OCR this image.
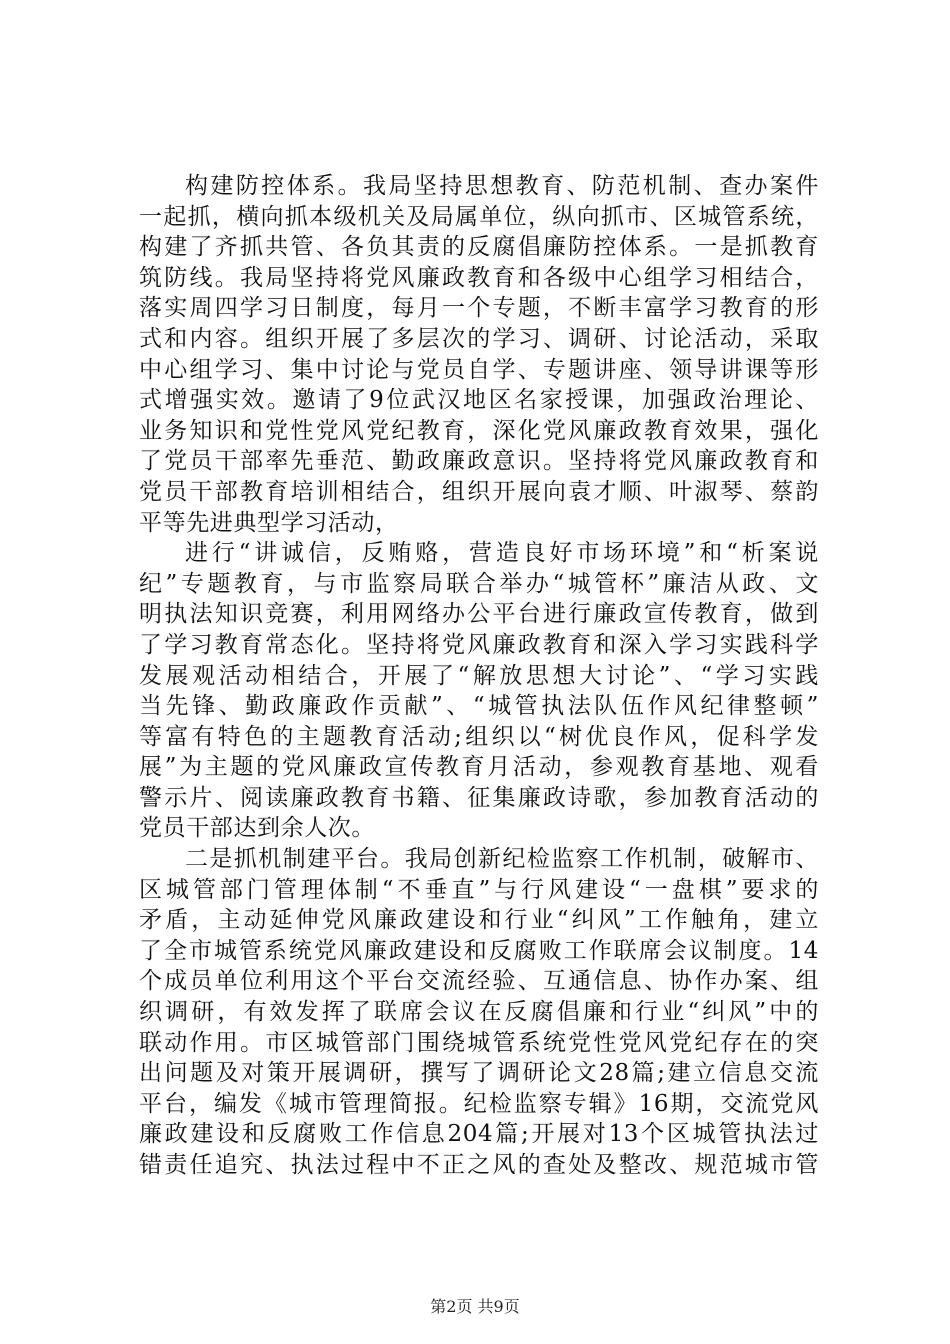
构建防控体系。我局坚持思想教育、防范机制、查办案件
一起抓，横向抓本级机关及局属单位，纵向抓市、区城管系统，
构建了齐抓共管、各负其责的反腐倡廉防控体系。一是抓教育
筑防线。我局坚持将党风廉政教育和各级中心组学习相结合，
落实周四学习日制度，每月一个专题，不断丰富学习教育的形
式和内容。组织开展了多层次的学习、调研、讨论活动，采取
中心组学习、集中讨论与党员自学、专题讲座、领导讲课等形
式增强实效。邀请了9位武汉地区名家授课，加强政治理论、
业务知识和党性党风党纪教育，深化党风廉政教育效果，强化
了党员干部率先垂范、勤政廉政意识。坚持将党风廉政教育和
党员干部教育培训相结合，组织开展向袁才顺、叶淑琴、蔡韵
平等先进典型学习活动，
进行“讲诚信，反贿赂，营造良好市场环境”和“析案说
纪”专题教育，与市监察局联合举办“城管杯”廉洁从政、文
明执法知识竞赛，利用网络办公平台进行廉政宣传教育，做到
了学习教育常态化。坚持将党风廉政教育和深入学习实践科学
发展观活动相结合，开展了“解放思想大讨论”、“学习实践
当先锋、勤政廉政作贡献”、“城管执法队伍作风纪律整顿”
等富有特色的主题教育活动;组织以“树优良作风，促科学发
展”为主题的党风廉政宣传教育月活动，参观教育基地、观看
警示片、阅读廉政教育书籍、征集廉政诗歌，参加教育活动的
党员干部达到余人次。
二是抓机制建平台。我局创新纪检监察工作机制，破解市、
区城管部门管理体制“不垂直”与行风建设“一盘棋”要求的
矛盾，主动延伸党风廉政建设和行业“纠风”工作触角，建立
了全市城管系统党风廉政建设和反腐败工作联席会议制度。14
个成员单位利用这个平台交流经验、互通信息、协作办案、组
织调研，有效发挥了联席会议在反腐倡廉和行业“纠风”中的
联动作用。市区城管部门围绕城管系统党性党风党纪存在的突
出问题及对策开展调研，撰写了调研论文28篇;建立信息交流
平台，编发《城市管理简报。纪检监察专辑》16期，交流党风
廉政建设和反腐败工作信息204篇;开展对13个区城管执法过
错责任追究、执法过程中不正之风的查处及整改、规范城市管
第2页 共9页
